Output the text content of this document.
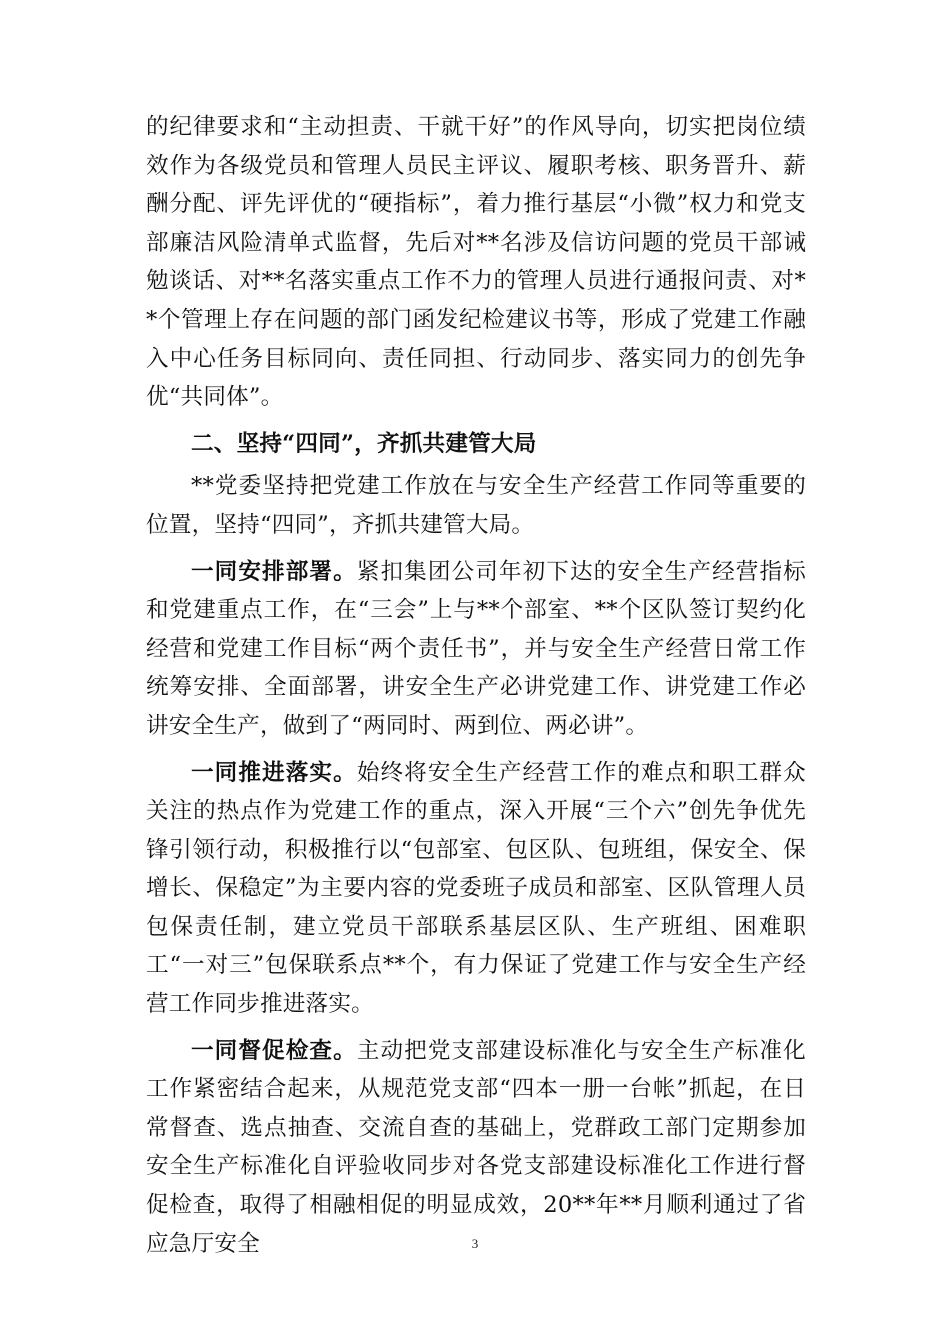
的纪律要求和“主动担责、干就干好”的作风导向，切实把岗位绩效作为各级党员和管理人员民主评议、履职考核、职务晋升、薪酬分配、评先评优的“硬指标”，着力推行基层“小微”权力和党支部廉洁风险清单式监督，先后对**名涉及信访问题的党员干部诫勉谈话、对**名落实重点工作不力的管理人员进行通报问责、对**个管理上存在问题的部门函发纪检建议书等，形成了党建工作融入中心任务目标同向、责任同担、行动同步、落实同力的创先争优“共同体”。

二、坚持“四同”，齐抓共建管大局

**党委坚持把党建工作放在与安全生产经营工作同等重要的位置，坚持“四同”，齐抓共建管大局。

一同安排部署。紧扣集团公司年初下达的安全生产经营指标和党建重点工作，在“三会”上与**个部室、**个区队签订契约化经营和党建工作目标“两个责任书”，并与安全生产经营日常工作统筹安排、全面部署，讲安全生产必讲党建工作、讲党建工作必讲安全生产，做到了“两同时、两到位、两必讲”。

一同推进落实。始终将安全生产经营工作的难点和职工群众关注的热点作为党建工作的重点，深入开展“三个六”创先争优先锋引领行动，积极推行以“包部室、包区队、包班组，保安全、保增长、保稳定”为主要内容的党委班子成员和部室、区队管理人员包保责任制，建立党员干部联系基层区队、生产班组、困难职工“一对三”包保联系点**个，有力保证了党建工作与安全生产经营工作同步推进落实。

一同督促检查。主动把党支部建设标准化与安全生产标准化工作紧密结合起来，从规范党支部“四本一册一台帐”抓起，在日常督查、选点抽查、交流自查的基础上，党群政工部门定期参加安全生产标准化自评验收同步对各党支部建设标准化工作进行督促检查，取得了相融相促的明显成效，20**年**月顺利通过了省应急厅安全	3
